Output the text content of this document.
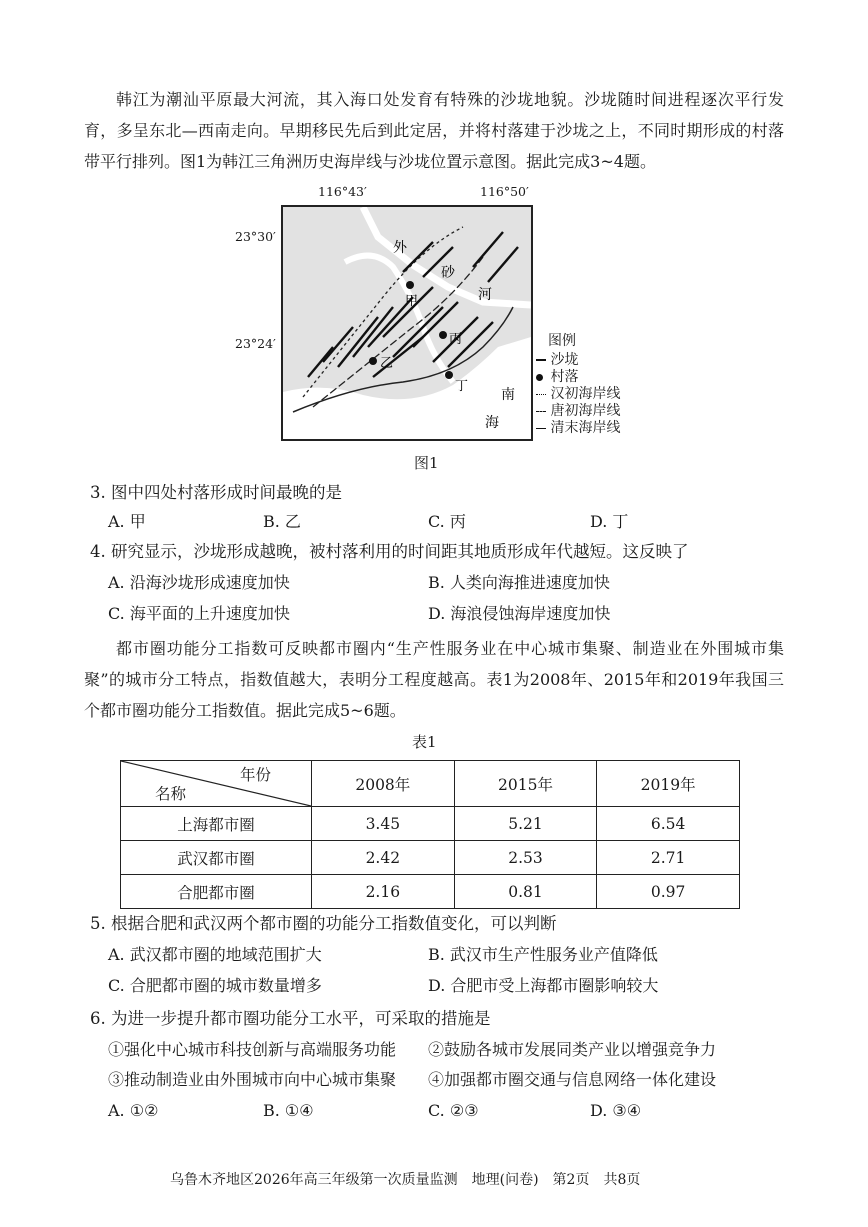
韩江为潮汕平原最大河流，其入海口处发育有特殊的沙垅地貌。沙垅随时间进程逐次平行发育，多呈东北—西南走向。早期移民先后到此定居，并将村落建于沙垅之上，不同时期形成的村落带平行排列。图1为韩江三角洲历史海岸线与沙垅位置示意图。据此完成3~4题。

116°43′	116°50′
23°30′
23°24′
外
砂
河
南
海
甲
乙
丙
丁
图例
沙垅
村落
汉初海岸线
唐初海岸线
清末海岸线
图1
3. 图中四处村落形成时间最晚的是
A. 甲	B. 乙	C. 丙	D. 丁
4. 研究显示，沙垅形成越晚，被村落利用的时间距其地质形成年代越短。这反映了
A. 沿海沙垅形成速度加快	B. 人类向海推进速度加快
C. 海平面的上升速度加快	D. 海浪侵蚀海岸速度加快

都市圈功能分工指数可反映都市圈内“生产性服务业在中心城市集聚、制造业在外围城市集聚”的城市分工特点，指数值越大，表明分工程度越高。表1为2008年、2015年和2019年我国三个都市圈功能分工指数值。据此完成5~6题。

表1
年份
名称	2008年	2015年	2019年
上海都市圈	3.45	5.21	6.54
武汉都市圈	2.42	2.53	2.71
合肥都市圈	2.16	0.81	0.97
5. 根据合肥和武汉两个都市圈的功能分工指数值变化，可以判断
A. 武汉都市圈的地域范围扩大	B. 武汉市生产性服务业产值降低
C. 合肥都市圈的城市数量增多	D. 合肥市受上海都市圈影响较大
6. 为进一步提升都市圈功能分工水平，可采取的措施是
①强化中心城市科技创新与高端服务功能 ②鼓励各城市发展同类产业以增强竞争力
③推动制造业由外围城市向中心城市集聚 ④加强都市圈交通与信息网络一体化建设
A. ①②	B. ①④	C. ②③	D. ③④
乌鲁木齐地区2026年高三年级第一次质量监测　地理(问卷)　第2页　共8页
